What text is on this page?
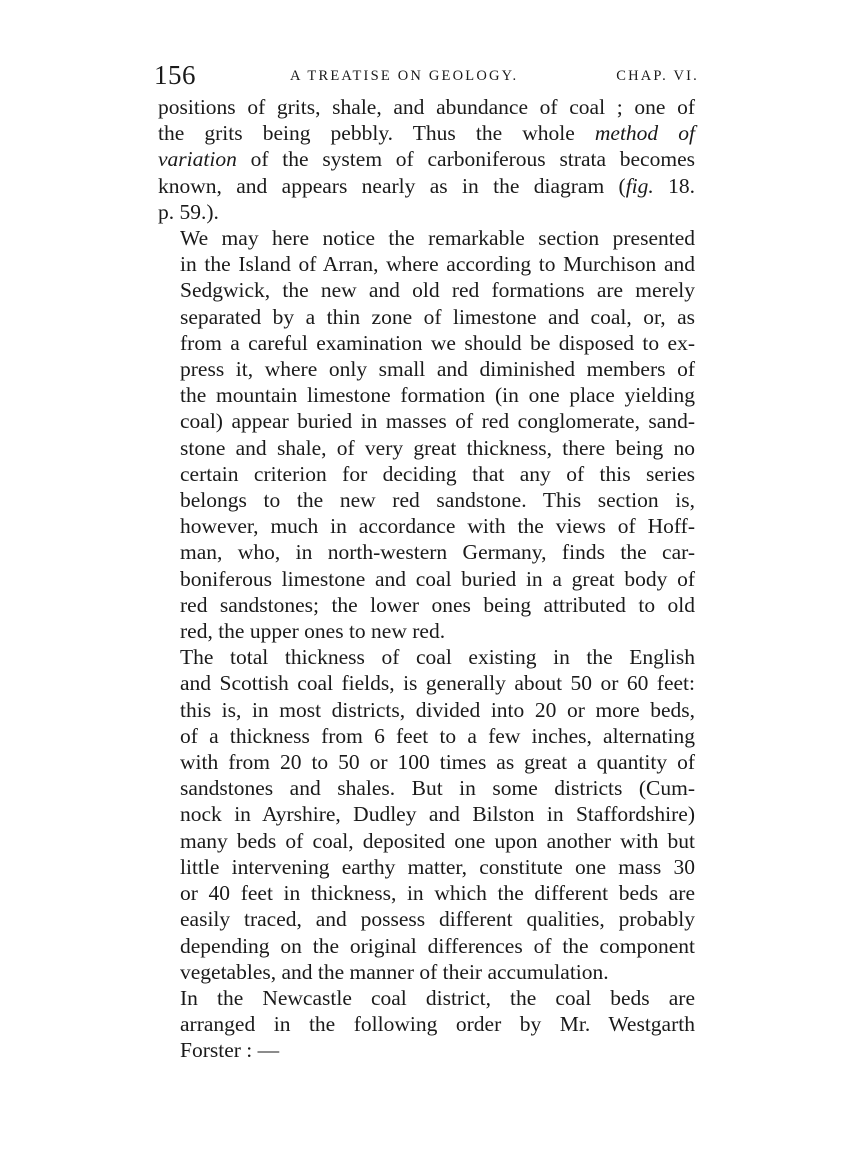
156	A TREATISE ON GEOLOGY.	CHAP. VI.

positions of grits, shale, and abundance of coal ; one of
the grits being pebbly. Thus the whole method of
variation of the system of carboniferous strata becomes
known, and appears nearly as in the diagram (fig. 18.
p. 59.).

We may here notice the remarkable section presented
in the Island of Arran, where according to Murchison and
Sedgwick, the new and old red formations are merely
separated by a thin zone of limestone and coal, or, as
from a careful examination we should be disposed to ex-
press it, where only small and diminished members of
the mountain limestone formation (in one place yielding
coal) appear buried in masses of red conglomerate, sand-
stone and shale, of very great thickness, there being no
certain criterion for deciding that any of this series
belongs to the new red sandstone. This section is,
however, much in accordance with the views of Hoff-
man, who, in north-western Germany, finds the car-
boniferous limestone and coal buried in a great body of
red sandstones; the lower ones being attributed to old
red, the upper ones to new red.

The total thickness of coal existing in the English
and Scottish coal fields, is generally about 50 or 60 feet:
this is, in most districts, divided into 20 or more beds,
of a thickness from 6 feet to a few inches, alternating
with from 20 to 50 or 100 times as great a quantity of
sandstones and shales. But in some districts (Cum-
nock in Ayrshire, Dudley and Bilston in Staffordshire)
many beds of coal, deposited one upon another with but
little intervening earthy matter, constitute one mass 30
or 40 feet in thickness, in which the different beds are
easily traced, and possess different qualities, probably
depending on the original differences of the component
vegetables, and the manner of their accumulation.

In the Newcastle coal district, the coal beds are
arranged in the following order by Mr. Westgarth
Forster : —
